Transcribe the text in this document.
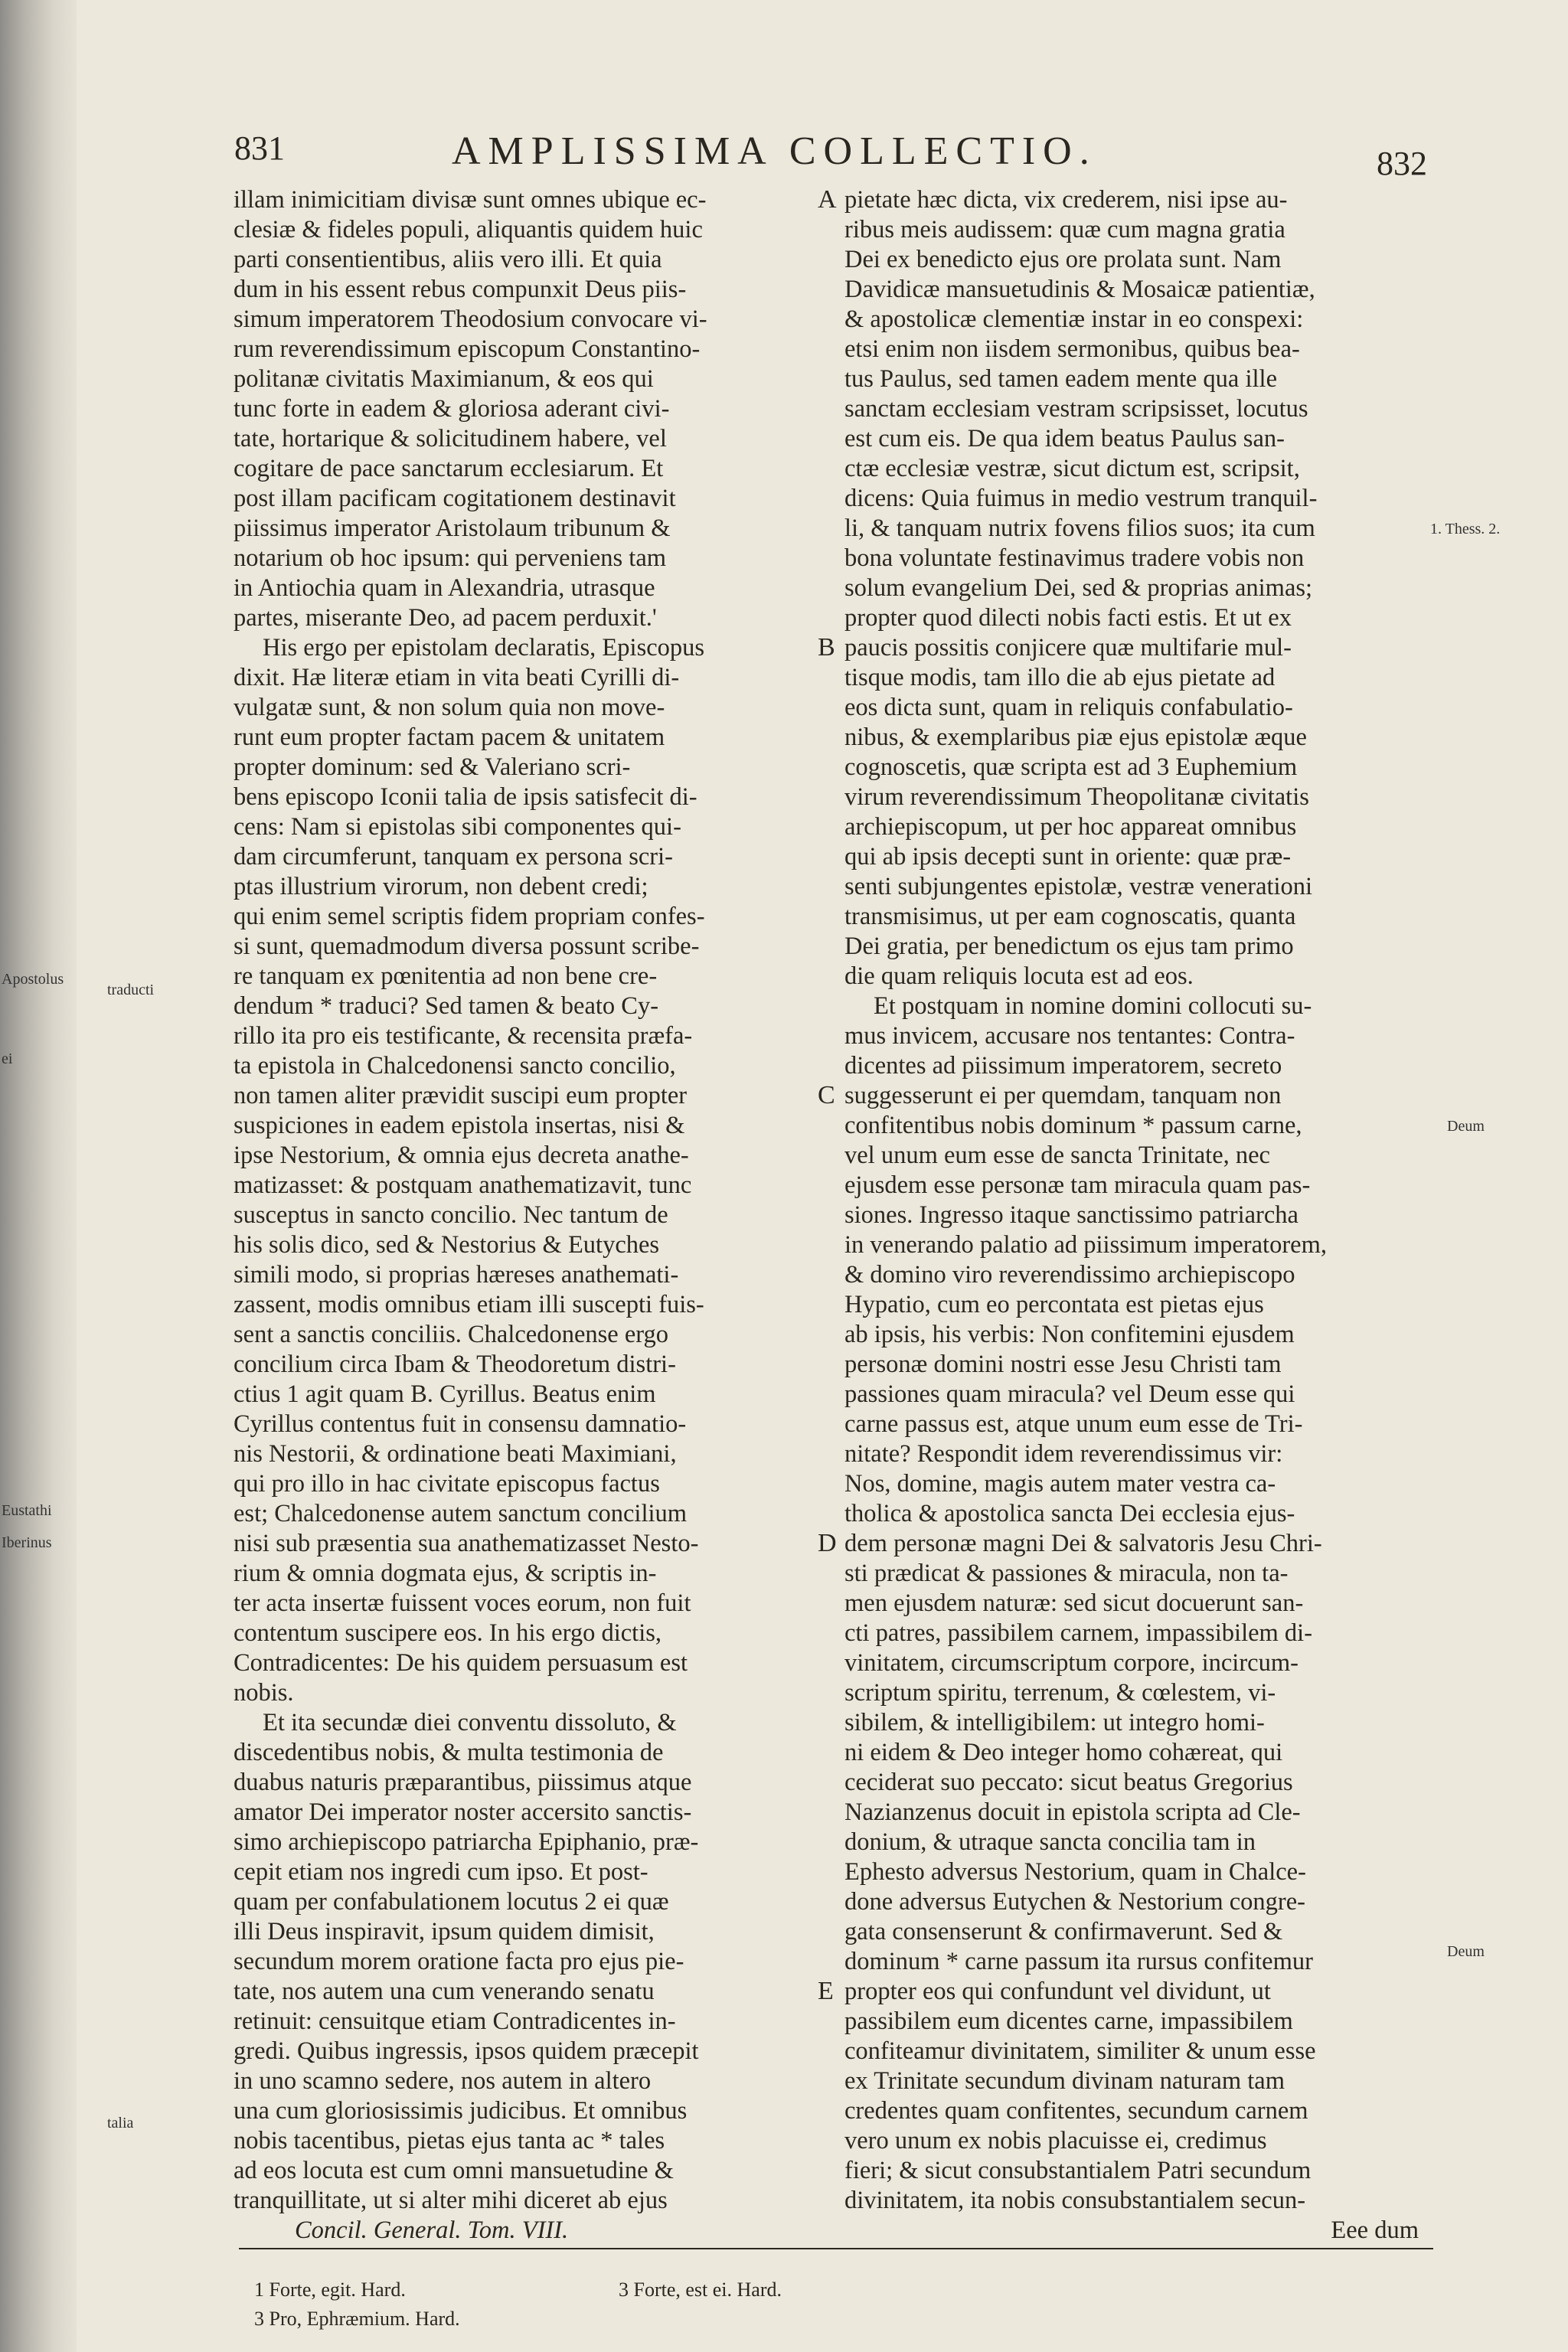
Apostolus
ei
Eustathi
Iberinus
831	AMPLISSIMA COLLECTIO.	832
A
B
C
D
E
traducti
talia
1. Thess. 2.
Deum
Deum
illam inimicitiam divisæ sunt omnes ubique ec-
clesiæ & fideles populi, aliquantis quidem huic
parti consentientibus, aliis vero illi. Et quia
dum in his essent rebus compunxit Deus piis-
simum imperatorem Theodosium convocare vi-
rum reverendissimum episcopum Constantino-
politanæ civitatis Maximianum, & eos qui
tunc forte in eadem & gloriosa aderant civi-
tate, hortarique & solicitudinem habere, vel
cogitare de pace sanctarum ecclesiarum. Et
post illam pacificam cogitationem destinavit
piissimus imperator Aristolaum tribunum &
notarium ob hoc ipsum: qui perveniens tam
in Antiochia quam in Alexandria, utrasque
partes, miserante Deo, ad pacem perduxit.'
His ergo per epistolam declaratis, Episcopus
dixit. Hæ literæ etiam in vita beati Cyrilli di-
vulgatæ sunt, & non solum quia non move-
runt eum propter factam pacem & unitatem
propter dominum: sed & Valeriano scri-
bens episcopo Iconii talia de ipsis satisfecit di-
cens: Nam si epistolas sibi componentes qui-
dam circumferunt, tanquam ex persona scri-
ptas illustrium virorum, non debent credi;
qui enim semel scriptis fidem propriam confes-
si sunt, quemadmodum diversa possunt scribe-
re tanquam ex pœnitentia ad non bene cre-
dendum * traduci? Sed tamen & beato Cy-
rillo ita pro eis testificante, & recensita præfa-
ta epistola in Chalcedonensi sancto concilio,
non tamen aliter prævidit suscipi eum propter
suspiciones in eadem epistola insertas, nisi &
ipse Nestorium, & omnia ejus decreta anathe-
matizasset: & postquam anathematizavit, tunc
susceptus in sancto concilio. Nec tantum de
his solis dico, sed & Nestorius & Eutyches
simili modo, si proprias hæreses anathemati-
zassent, modis omnibus etiam illi suscepti fuis-
sent a sanctis conciliis. Chalcedonense ergo
concilium circa Ibam & Theodoretum distri-
ctius 1 agit quam B. Cyrillus. Beatus enim
Cyrillus contentus fuit in consensu damnatio-
nis Nestorii, & ordinatione beati Maximiani,
qui pro illo in hac civitate episcopus factus
est; Chalcedonense autem sanctum concilium
nisi sub præsentia sua anathematizasset Nesto-
rium & omnia dogmata ejus, & scriptis in-
ter acta insertæ fuissent voces eorum, non fuit
contentum suscipere eos. In his ergo dictis,
Contradicentes: De his quidem persuasum est
nobis.
Et ita secundæ diei conventu dissoluto, &
discedentibus nobis, & multa testimonia de
duabus naturis præparantibus, piissimus atque
amator Dei imperator noster accersito sanctis-
simo archiepiscopo patriarcha Epiphanio, præ-
cepit etiam nos ingredi cum ipso. Et post-
quam per confabulationem locutus 2 ei quæ
illi Deus inspiravit, ipsum quidem dimisit,
secundum morem oratione facta pro ejus pie-
tate, nos autem una cum venerando senatu
retinuit: censuitque etiam Contradicentes in-
gredi. Quibus ingressis, ipsos quidem præcepit
in uno scamno sedere, nos autem in altero
una cum gloriosissimis judicibus. Et omnibus
nobis tacentibus, pietas ejus tanta ac * tales
ad eos locuta est cum omni mansuetudine &
tranquillitate, ut si alter mihi diceret ab ejus
Concil. General. Tom. VIII.
pietate hæc dicta, vix crederem, nisi ipse au-
ribus meis audissem: quæ cum magna gratia
Dei ex benedicto ejus ore prolata sunt. Nam
Davidicæ mansuetudinis & Mosaicæ patientiæ,
& apostolicæ clementiæ instar in eo conspexi:
etsi enim non iisdem sermonibus, quibus bea-
tus Paulus, sed tamen eadem mente qua ille
sanctam ecclesiam vestram scripsisset, locutus
est cum eis. De qua idem beatus Paulus san-
ctæ ecclesiæ vestræ, sicut dictum est, scripsit,
dicens: Quia fuimus in medio vestrum tranquil-
li, & tanquam nutrix fovens filios suos; ita cum
bona voluntate festinavimus tradere vobis non
solum evangelium Dei, sed & proprias animas;
propter quod dilecti nobis facti estis. Et ut ex
paucis possitis conjicere quæ multifarie mul-
tisque modis, tam illo die ab ejus pietate ad
eos dicta sunt, quam in reliquis confabulatio-
nibus, & exemplaribus piæ ejus epistolæ æque
cognoscetis, quæ scripta est ad 3 Euphemium
virum reverendissimum Theopolitanæ civitatis
archiepiscopum, ut per hoc appareat omnibus
qui ab ipsis decepti sunt in oriente: quæ præ-
senti subjungentes epistolæ, vestræ venerationi
transmisimus, ut per eam cognoscatis, quanta
Dei gratia, per benedictum os ejus tam primo
die quam reliquis locuta est ad eos.
Et postquam in nomine domini collocuti su-
mus invicem, accusare nos tentantes: Contra-
dicentes ad piissimum imperatorem, secreto
suggesserunt ei per quemdam, tanquam non
confitentibus nobis dominum * passum carne,
vel unum eum esse de sancta Trinitate, nec
ejusdem esse personæ tam miracula quam pas-
siones. Ingresso itaque sanctissimo patriarcha
in venerando palatio ad piissimum imperatorem,
& domino viro reverendissimo archiepiscopo
Hypatio, cum eo percontata est pietas ejus
ab ipsis, his verbis: Non confitemini ejusdem
personæ domini nostri esse Jesu Christi tam
passiones quam miracula? vel Deum esse qui
carne passus est, atque unum eum esse de Tri-
nitate? Respondit idem reverendissimus vir:
Nos, domine, magis autem mater vestra ca-
tholica & apostolica sancta Dei ecclesia ejus-
dem personæ magni Dei & salvatoris Jesu Chri-
sti prædicat & passiones & miracula, non ta-
men ejusdem naturæ: sed sicut docuerunt san-
cti patres, passibilem carnem, impassibilem di-
vinitatem, circumscriptum corpore, incircum-
scriptum spiritu, terrenum, & cœlestem, vi-
sibilem, & intelligibilem: ut integro homi-
ni eidem & Deo integer homo cohæreat, qui
ceciderat suo peccato: sicut beatus Gregorius
Nazianzenus docuit in epistola scripta ad Cle-
donium, & utraque sancta concilia tam in
Ephesto adversus Nestorium, quam in Chalce-
done adversus Eutychen & Nestorium congre-
gata consenserunt & confirmaverunt. Sed &
dominum * carne passum ita rursus confitemur
propter eos qui confundunt vel dividunt, ut
passibilem eum dicentes carne, impassibilem
confiteamur divinitatem, similiter & unum esse
ex Trinitate secundum divinam naturam tam
credentes quam confitentes, secundum carnem
vero unum ex nobis placuisse ei, credimus
fieri; & sicut consubstantialem Patri secundum
divinitatem, ita nobis consubstantialem secun-
Eee dum
1 Forte, egit. Hard.
3 Pro, Ephræmium. Hard.
3 Forte, est ei. Hard.
